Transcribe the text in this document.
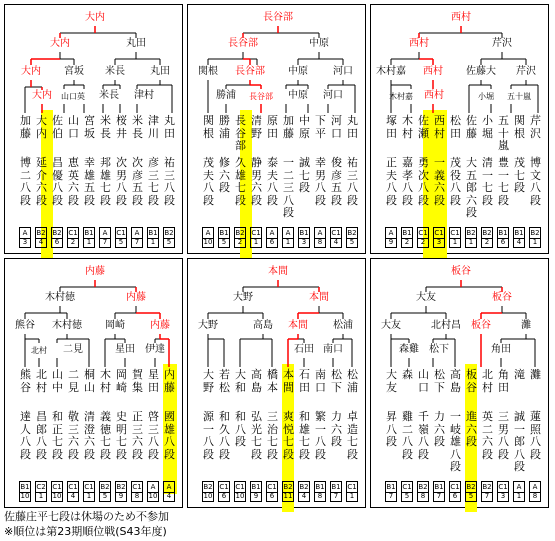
大内
大内	丸田
大内 宮坂 米長	丸田
大内 山口英 米長 津村
加
藤
博
二
八
段
A
3
大
内
延
介
六
段
B2
4
佐
伯
昌
優
八
段
B2
6
山
口
恵
英
六
段
C1
2
宮
坂
幸
雄
五
段
B1
1
米
長
邦
雄
七
段
A
7
桜
井
次
男
八
段
C1
5
米
長
次
彦
五
段
A
7
津
川
彦
三
七
段
B1
1
丸
田
祐
三
八
段
B2
5
長谷部
長谷部	中原
関根 長谷部 中原	河口
勝浦 長谷部 中原 河口
関
根
茂
夫
八
段
A
10
勝
浦
修
六
段
B1
5
長
谷
部
久
雄
七
段
B2
2
清
野
静
男
六
段
C1
1
原
田
泰
夫
八
段
A
6
加
藤
一
二
三
八
段
A
1
中
原
誠
七
段
B1
3
下
平
幸
男
八
段
A
8
河
口
俊
彦
五
段
C1
4
丸
田
祐
三
八
段
B2
5
西村
西村	芹沢
木村嘉 西村 佐藤大 芹沢
木村嘉 西村	小堀 五十嵐
塚
田
正
夫
八
段
A
9
木
村
嘉
孝
八
段
B1
2
佐
瀬
勇
次
八
段
C1
2
西
村
一
義
六
段
C1
3
松
田
茂
役
八
段
C1
1
佐
藤
大
五
郎
六
段
B2
1
小
堀
清
一
七
段
B2
2
五
十
嵐
豊
一
七
段
B1
6
関
根
茂
七
段
B1
4
芹
沢
博
文
八
段
B2
1
内藤
木村徳	内藤
熊谷 木村徳 岡崎	内藤
北村 二見	星田 伊達
熊
谷
達
人
八
段
B1
10
北
村
昌
郎
八
段
C2
1
山
中
和
正
七
段
C1
10
二
見
敬
三
六
段
C1
4
桐
山
清
澄
六
段
C1
1
木
村
義
徳
七
段
B2
5
岡
崎
史
明
七
段
B2
9
賀
集
正
三
六
段
C1
8
星
田
啓
三
八
段
A
10
内
藤
國
雄
八
段
A
4
本間
大野	本間
大野	高島 本間	松浦
石田 南口
大
野
源
一
八
段
B2
10
若
松
和
久
八
段
C1
6
大
和
和
八
段
C1
10
高
島
弘
光
七
段
B1
9
橋
本
三
治
七
段
C1
6
本
間
爽
悦
七
段
B2
11
石
田
和
雄
七
段
B2
4
南
口
繁
一
八
段
B1
8
松
下
力
六
段
B1
7
松
浦
卓
造
七
段
C1
1
板谷
大友	板谷
大友	北村昌 板谷	灘
森雞 松下	角田
大
友
昇
八
段
B1
7
森
雞
二
八
段
C1
5
山
口
千
嶺
八
段
B2
8
松
下
力
六
段
B1
7
高
島
一
岐
雄
八
段
C1
6
板
谷
進
六
段
B2
5
北
村
英
二
六
段
B2
7
角
田
三
男
八
段
C1
3
滝
誠
一
郎
八
段
A
1
灘
蓮
照
八
段
A
8
佐藤庄平七段は休場のため不参加
※順位は第23期順位戦(S43年度)
